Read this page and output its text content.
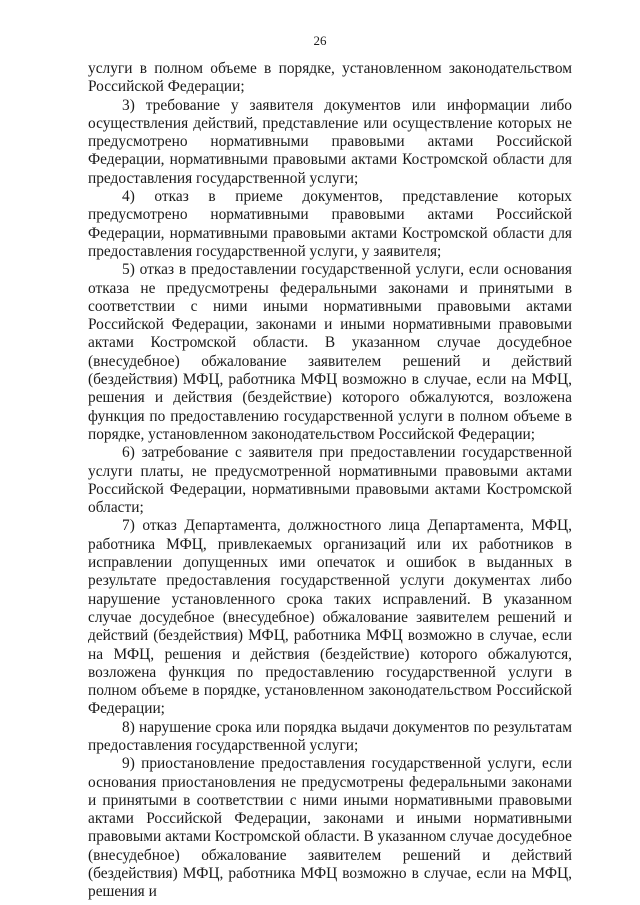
26

услуги в полном объеме в порядке, установленном законодательством Российской Федерации;

3) требование у заявителя документов или информации либо осуществления действий, представление или осуществление которых не предусмотрено нормативными правовыми актами Российской Федерации, нормативными правовыми актами Костромской области для предоставления государственной услуги;

4) отказ в приеме документов, представление которых предусмотрено нормативными правовыми актами Российской Федерации, нормативными правовыми актами Костромской области для предоставления государственной услуги, у заявителя;

5) отказ в предоставлении государственной услуги, если основания отказа не предусмотрены федеральными законами и принятыми в соответствии с ними иными нормативными правовыми актами Российской Федерации, законами и иными нормативными правовыми актами Костромской области. В указанном случае досудебное (внесудебное) обжалование заявителем решений и действий (бездействия) МФЦ, работника МФЦ возможно в случае, если на МФЦ, решения и действия (бездействие) которого обжалуются, возложена функция по предоставлению государственной услуги в полном объеме в порядке, установленном законодательством Российской Федерации;

6) затребование с заявителя при предоставлении государственной услуги платы, не предусмотренной нормативными правовыми актами Российской Федерации, нормативными правовыми актами Костромской области;

7) отказ Департамента, должностного лица Департамента, МФЦ, работника МФЦ, привлекаемых организаций или их работников в исправлении допущенных ими опечаток и ошибок в выданных в результате предоставления государственной услуги документах либо нарушение установленного срока таких исправлений. В указанном случае досудебное (внесудебное) обжалование заявителем решений и действий (бездействия) МФЦ, работника МФЦ возможно в случае, если на МФЦ, решения и действия (бездействие) которого обжалуются, возложена функция по предоставлению государственной услуги в полном объеме в порядке, установленном законодательством Российской Федерации;

8) нарушение срока или порядка выдачи документов по результатам предоставления государственной услуги;

9) приостановление предоставления государственной услуги, если основания приостановления не предусмотрены федеральными законами и принятыми в соответствии с ними иными нормативными правовыми актами Российской Федерации, законами и иными нормативными правовыми актами Костромской области. В указанном случае досудебное (внесудебное) обжалование заявителем решений и действий (бездействия) МФЦ, работника МФЦ возможно в случае, если на МФЦ, решения и
